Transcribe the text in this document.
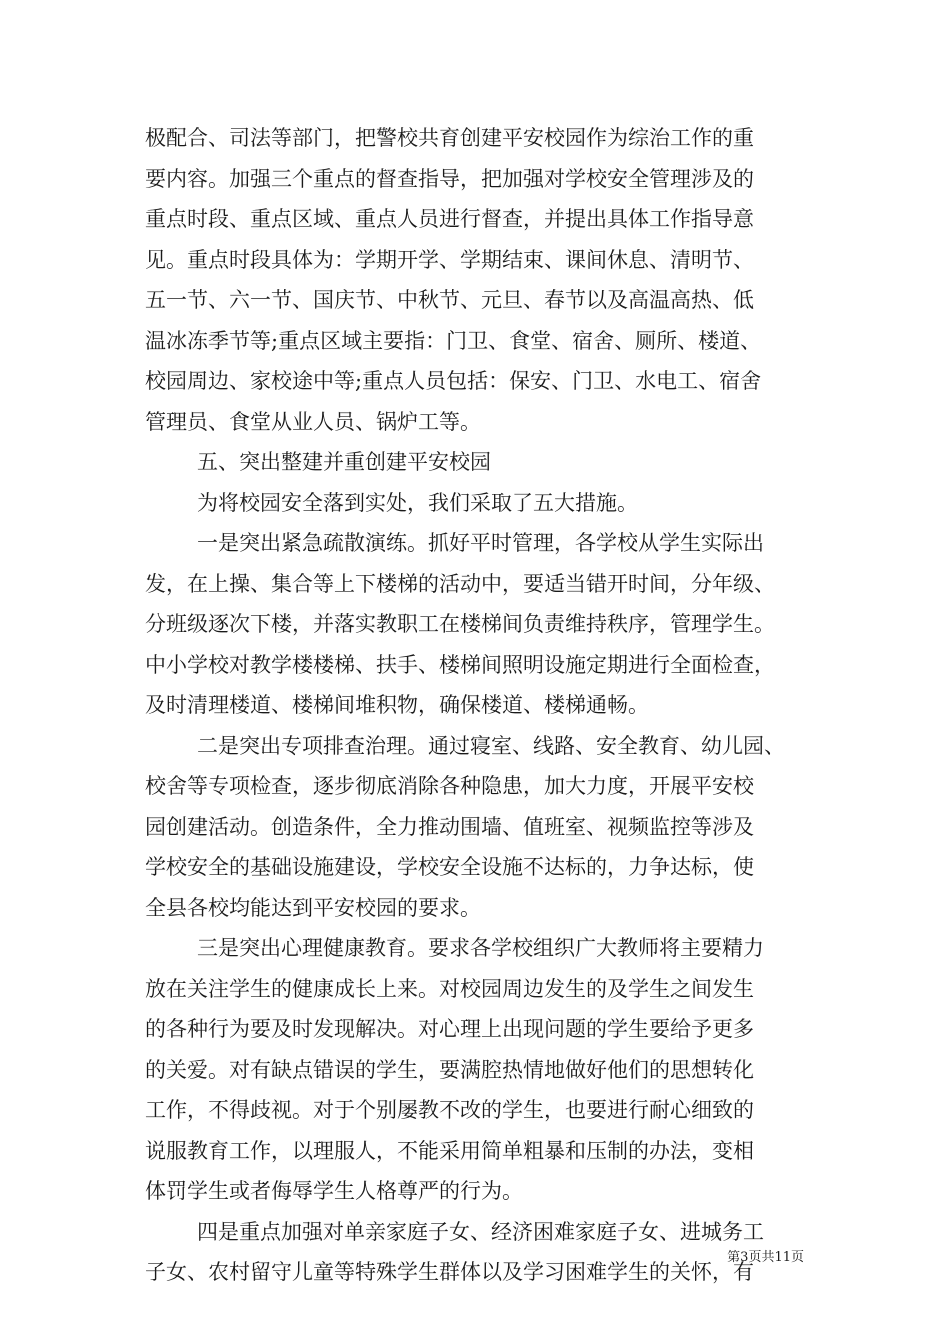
极配合、司法等部门，把警校共育创建平安校园作为综治工作的重
要内容。加强三个重点的督查指导，把加强对学校安全管理涉及的
重点时段、重点区域、重点人员进行督查，并提出具体工作指导意
见。重点时段具体为：学期开学、学期结束、课间休息、清明节、
五一节、六一节、国庆节、中秋节、元旦、春节以及高温高热、低
温冰冻季节等;重点区域主要指：门卫、食堂、宿舍、厕所、楼道、
校园周边、家校途中等;重点人员包括：保安、门卫、水电工、宿舍
管理员、食堂从业人员、锅炉工等。
五、突出整建并重创建平安校园
为将校园安全落到实处，我们采取了五大措施。
一是突出紧急疏散演练。抓好平时管理，各学校从学生实际出
发，在上操、集合等上下楼梯的活动中，要适当错开时间，分年级、
分班级逐次下楼，并落实教职工在楼梯间负责维持秩序，管理学生。
中小学校对教学楼楼梯、扶手、楼梯间照明设施定期进行全面检查，
及时清理楼道、楼梯间堆积物，确保楼道、楼梯通畅。
二是突出专项排查治理。通过寝室、线路、安全教育、幼儿园、
校舍等专项检查，逐步彻底消除各种隐患，加大力度，开展平安校
园创建活动。创造条件，全力推动围墙、值班室、视频监控等涉及
学校安全的基础设施建设，学校安全设施不达标的，力争达标，使
全县各校均能达到平安校园的要求。
三是突出心理健康教育。要求各学校组织广大教师将主要精力
放在关注学生的健康成长上来。对校园周边发生的及学生之间发生
的各种行为要及时发现解决。对心理上出现问题的学生要给予更多
的关爱。对有缺点错误的学生，要满腔热情地做好他们的思想转化
工作，不得歧视。对于个别屡教不改的学生，也要进行耐心细致的
说服教育工作，以理服人，不能采用简单粗暴和压制的办法，变相
体罚学生或者侮辱学生人格尊严的行为。
四是重点加强对单亲家庭子女、经济困难家庭子女、进城务工
子女、农村留守儿童等特殊学生群体以及学习困难学生的关怀，有
第3页共11页
